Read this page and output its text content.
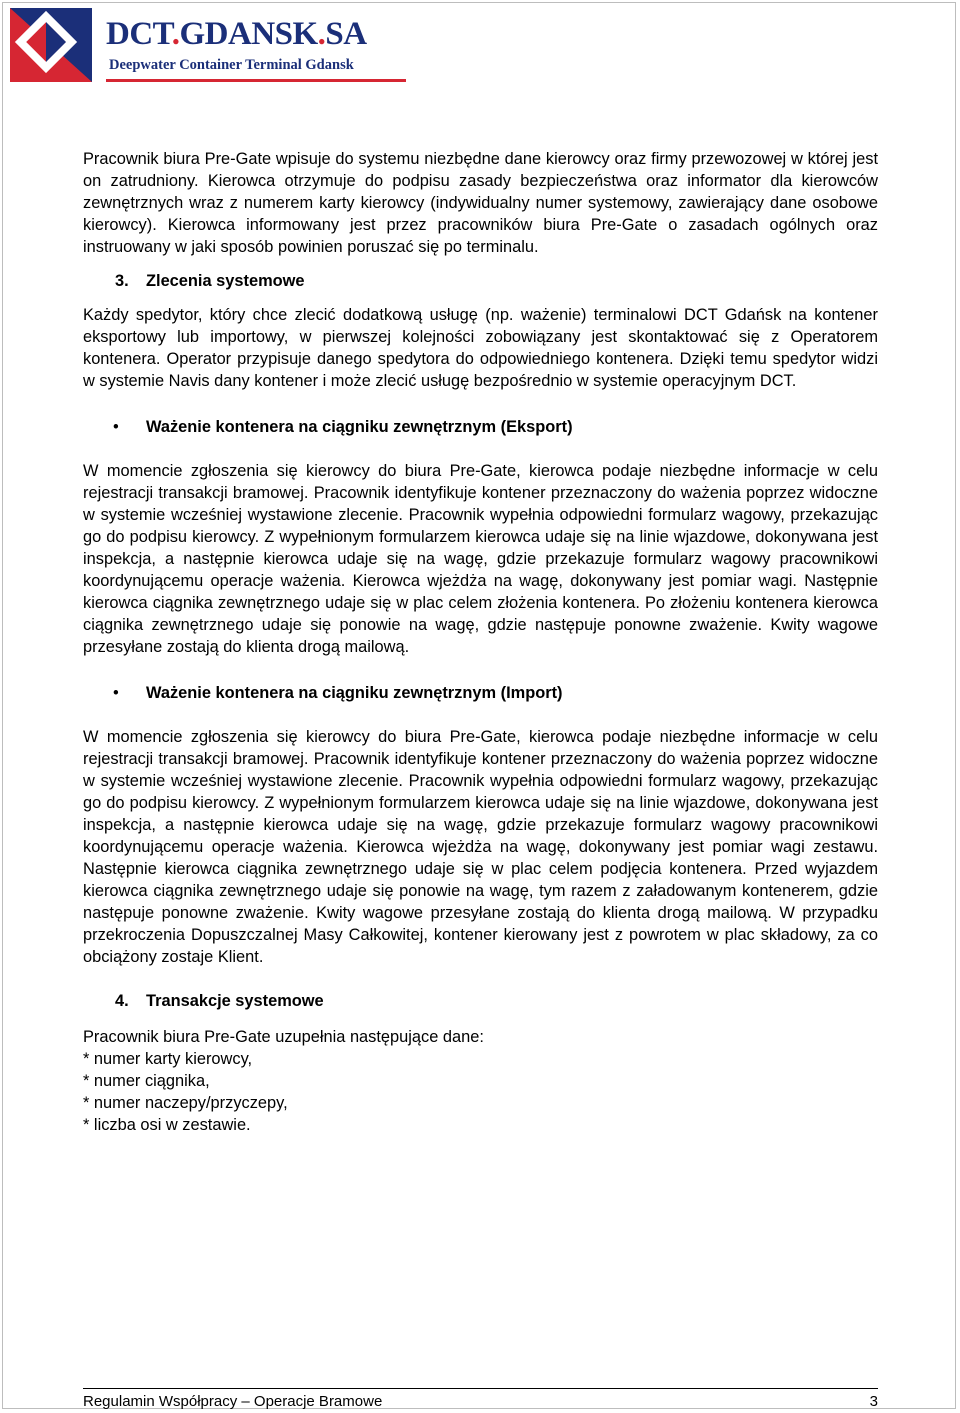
DCT.GDANSK.SA
Deepwater Container Terminal Gdansk

Pracownik biura Pre-Gate wpisuje do systemu niezbędne dane kierowcy oraz firmy przewozowej w której jest on zatrudniony. Kierowca otrzymuje do podpisu zasady bezpieczeństwa oraz informator dla kierowców zewnętrznych wraz z numerem karty kierowcy (indywidualny numer systemowy, zawierający dane osobowe kierowcy). Kierowca informowany jest przez pracowników biura Pre-Gate o zasadach ogólnych oraz instruowany w jaki sposób powinien poruszać się po terminalu.

3. Zlecenia systemowe

Każdy spedytor, który chce zlecić dodatkową usługę (np. ważenie) terminalowi DCT Gdańsk na kontener eksportowy lub importowy, w pierwszej kolejności zobowiązany jest skontaktować się z Operatorem kontenera. Operator przypisuje danego spedytora do odpowiedniego kontenera. Dzięki temu spedytor widzi w systemie Navis dany kontener i może zlecić usługę bezpośrednio w systemie operacyjnym DCT.

• Ważenie kontenera na ciągniku zewnętrznym (Eksport)

W momencie zgłoszenia się kierowcy do biura Pre-Gate, kierowca podaje niezbędne informacje w celu rejestracji transakcji bramowej. Pracownik identyfikuje kontener przeznaczony do ważenia poprzez widoczne w systemie wcześniej wystawione zlecenie. Pracownik wypełnia odpowiedni formularz wagowy, przekazując go do podpisu kierowcy. Z wypełnionym formularzem kierowca udaje się na linie wjazdowe, dokonywana jest inspekcja, a następnie kierowca udaje się na wagę, gdzie przekazuje formularz wagowy pracownikowi koordynującemu operacje ważenia. Kierowca wjeżdża na wagę, dokonywany jest pomiar wagi. Następnie kierowca ciągnika zewnętrznego udaje się w plac celem złożenia kontenera. Po złożeniu kontenera kierowca ciągnika zewnętrznego udaje się ponowie na wagę, gdzie następuje ponowne zważenie. Kwity wagowe przesyłane zostają do klienta drogą mailową.

• Ważenie kontenera na ciągniku zewnętrznym (Import)

W momencie zgłoszenia się kierowcy do biura Pre-Gate, kierowca podaje niezbędne informacje w celu rejestracji transakcji bramowej. Pracownik identyfikuje kontener przeznaczony do ważenia poprzez widoczne w systemie wcześniej wystawione zlecenie. Pracownik wypełnia odpowiedni formularz wagowy, przekazując go do podpisu kierowcy. Z wypełnionym formularzem kierowca udaje się na linie wjazdowe, dokonywana jest inspekcja, a następnie kierowca udaje się na wagę, gdzie przekazuje formularz wagowy pracownikowi koordynującemu operacje ważenia. Kierowca wjeżdża na wagę, dokonywany jest pomiar wagi zestawu. Następnie kierowca ciągnika zewnętrznego udaje się w plac celem podjęcia kontenera. Przed wyjazdem kierowca ciągnika zewnętrznego udaje się ponowie na wagę, tym razem z załadowanym kontenerem, gdzie następuje ponowne zważenie. Kwity wagowe przesyłane zostają do klienta drogą mailową. W przypadku przekroczenia Dopuszczalnej Masy Całkowitej, kontener kierowany jest z powrotem w plac składowy, za co obciążony zostaje Klient.

4. Transakcje systemowe
Pracownik biura Pre-Gate uzupełnia następujące dane:
* numer karty kierowcy,
* numer ciągnika,
* numer naczepy/przyczepy,
* liczba osi w zestawie.
Regulamin Współpracy – Operacje Bramowe	3
